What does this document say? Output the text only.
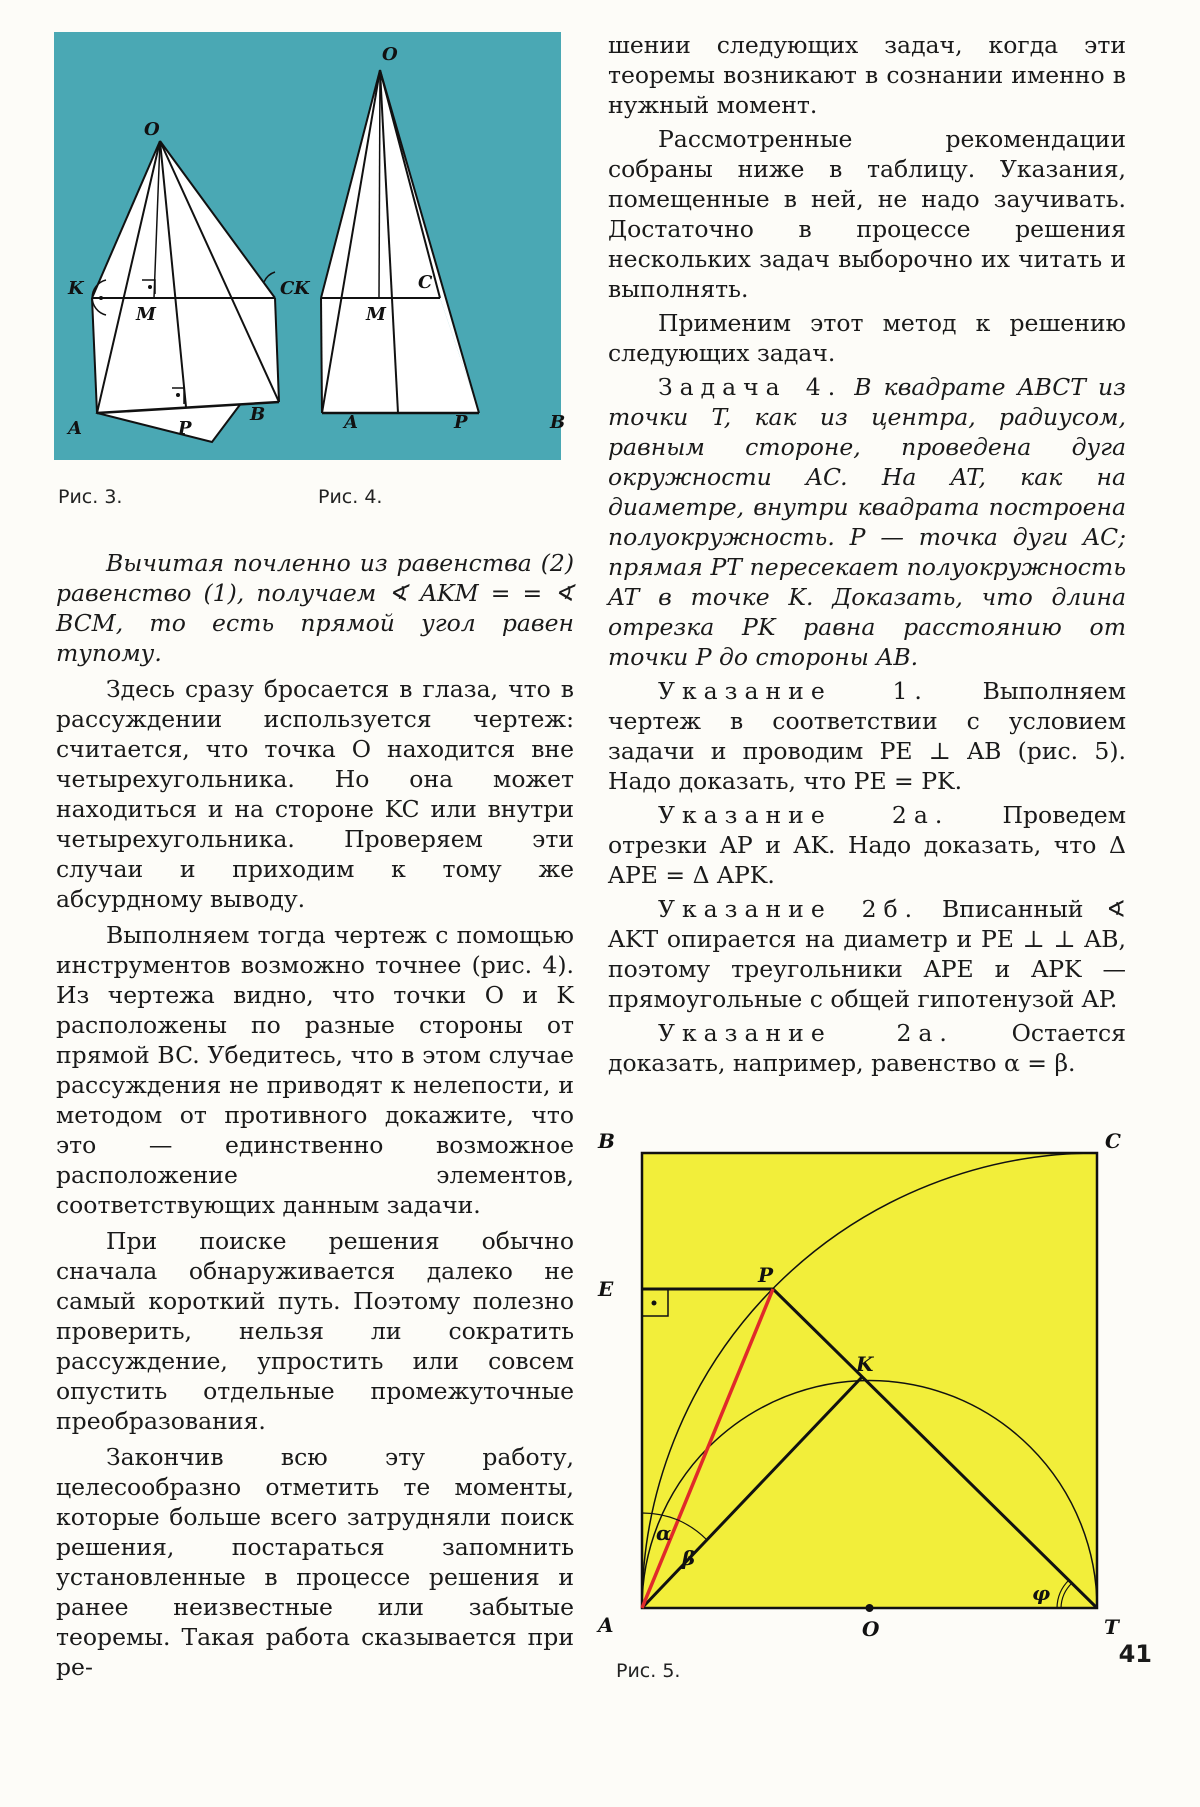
O
K	C
M
A	P
B
O
K	C
M
A	P	B
Рис. 3.	Рис. 4.

Вычитая почленно из равенства (2) равенство (1), получаем ∢ AKM = = ∢ BCM, то есть прямой угол равен тупому.

Здесь сразу бросается в глаза, что в рассуждении используется чертеж: считается, что точка O находится вне четырехугольника. Но она может находиться и на стороне KC или внутри четырехугольника. Проверяем эти случаи и приходим к тому же абсурдному выводу.

Выполняем тогда чертеж с помощью инструментов возможно точнее (рис. 4). Из чертежа видно, что точки O и K расположены по разные стороны от прямой BC. Убедитесь, что в этом случае рассуждения не приводят к нелепости, и методом от противного докажите, что это — единственно возможное расположение элементов, соответствующих данным задачи.

При поиске решения обычно сначала обнаруживается далеко не самый короткий путь. Поэтому полезно проверить, нельзя ли сократить рассуждение, упростить или совсем опустить отдельные промежуточные преобразования.

Закончив всю эту работу, целесообразно отметить те моменты, которые больше всего затрудняли поиск решения, постараться запомнить установленные в процессе решения и ранее неизвестные или забытые теоремы. Такая работа сказывается при ре-

шении следующих задач, когда эти теоремы возникают в сознании именно в нужный момент.

Рассмотренные рекомендации собраны ниже в таблицу. Указания, помещенные в ней, не надо заучивать. Достаточно в процессе решения нескольких задач выборочно их читать и выполнять.

Применим этот метод к решению следующих задач.

Задача 4. В квадрате ABCT из точки T, как из центра, радиусом, равным стороне, проведена дуга окружности AC. На AT, как на диаметре, внутри квадрата построена полуокружность. P — точка дуги AC; прямая PT пересекает полуокружность AT в точке K. Доказать, что длина отрезка PK равна расстоянию от точки P до стороны AB.

Указание 1. Выполняем чертеж в соответствии с условием задачи и проводим PE ⊥ AB (рис. 5). Надо доказать, что PE = PK.

Указание 2а. Проведем отрезки AP и AK. Надо доказать, что Δ APE = Δ APK.

Указание 2б. Вписанный ∢ AKT опирается на диаметр и PE ⊥ ⊥ AB, поэтому треугольники APE и APK — прямоугольные с общей гипотенузой AP.

Указание 2а. Остается доказать, например, равенство α = β.

B	C
E
P
K
α
β
φ
A	O	T
Рис. 5.
41
